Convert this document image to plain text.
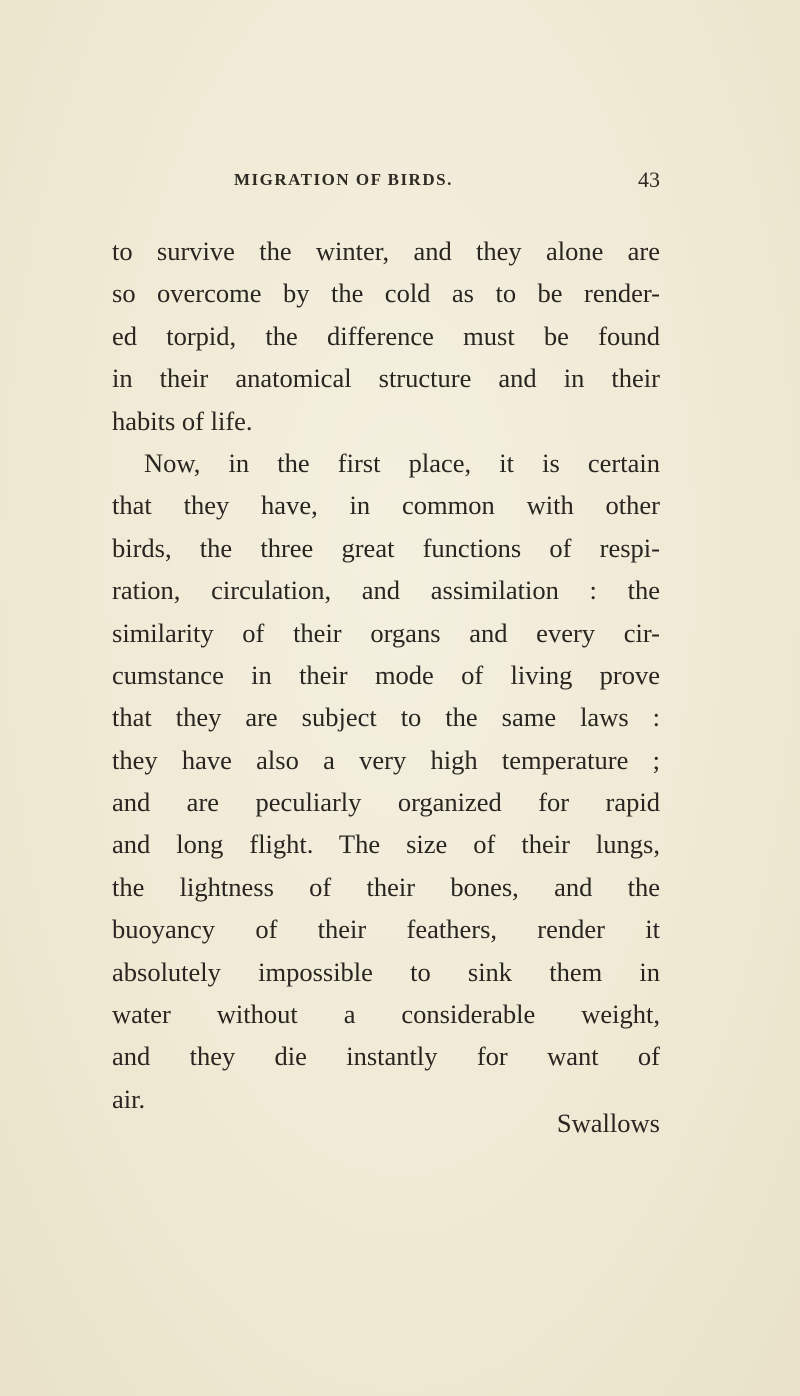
MIGRATION OF BIRDS.	43
to survive the winter, and they alone are
so overcome by the cold as to be render-
ed torpid, the difference must be found
in their anatomical structure and in their
habits of life.
Now, in the first place, it is certain
that they have, in common with other
birds, the three great functions of respi-
ration, circulation, and assimilation : the
similarity of their organs and every cir-
cumstance in their mode of living prove
that they are subject to the same laws :
they have also a very high temperature ;
and are peculiarly organized for rapid
and long flight. The size of their lungs,
the lightness of their bones, and the
buoyancy of their feathers, render it
absolutely impossible to sink them in
water without a considerable weight,
and they die instantly for want of
air.
Swallows
